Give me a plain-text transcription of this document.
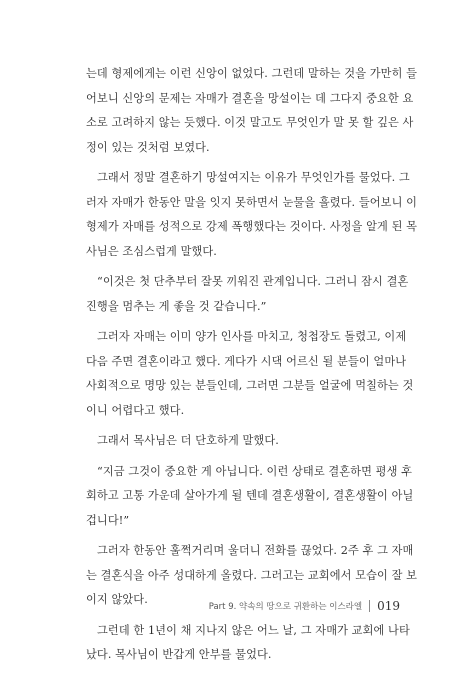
는데 형제에게는 이런 신앙이 없었다. 그런데 말하는 것을 가만히 들
어보니 신앙의 문제는 자매가 결혼을 망설이는 데 그다지 중요한 요
소로 고려하지 않는 듯했다. 이것 말고도 무엇인가 말 못 할 깊은 사
정이 있는 것처럼 보였다.

그래서 정말 결혼하기 망설여지는 이유가 무엇인가를 물었다. 그
러자 자매가 한동안 말을 잇지 못하면서 눈물을 흘렸다. 들어보니 이
형제가 자매를 성적으로 강제 폭행했다는 것이다. 사정을 알게 된 목
사님은 조심스럽게 말했다.

“이것은 첫 단추부터 잘못 끼워진 관계입니다. 그러니 잠시 결혼
진행을 멈추는 게 좋을 것 같습니다.”

그러자 자매는 이미 양가 인사를 마치고, 청첩장도 돌렸고, 이제
다음 주면 결혼이라고 했다. 게다가 시댁 어르신 될 분들이 얼마나
사회적으로 명망 있는 분들인데, 그러면 그분들 얼굴에 먹칠하는 것
이니 어렵다고 했다.

그래서 목사님은 더 단호하게 말했다.

“지금 그것이 중요한 게 아닙니다. 이런 상태로 결혼하면 평생 후
회하고 고통 가운데 살아가게 될 텐데 결혼생활이, 결혼생활이 아닐
겁니다!”

그러자 한동안 훌쩍거리며 울더니 전화를 끊었다. 2주 후 그 자매
는 결혼식을 아주 성대하게 올렸다. 그러고는 교회에서 모습이 잘 보
이지 않았다.

그런데 한 1년이 채 지나지 않은 어느 날, 그 자매가 교회에 나타
났다. 목사님이 반갑게 안부를 물었다.

Part 9. 약속의 땅으로 귀환하는 이스라엘 019
